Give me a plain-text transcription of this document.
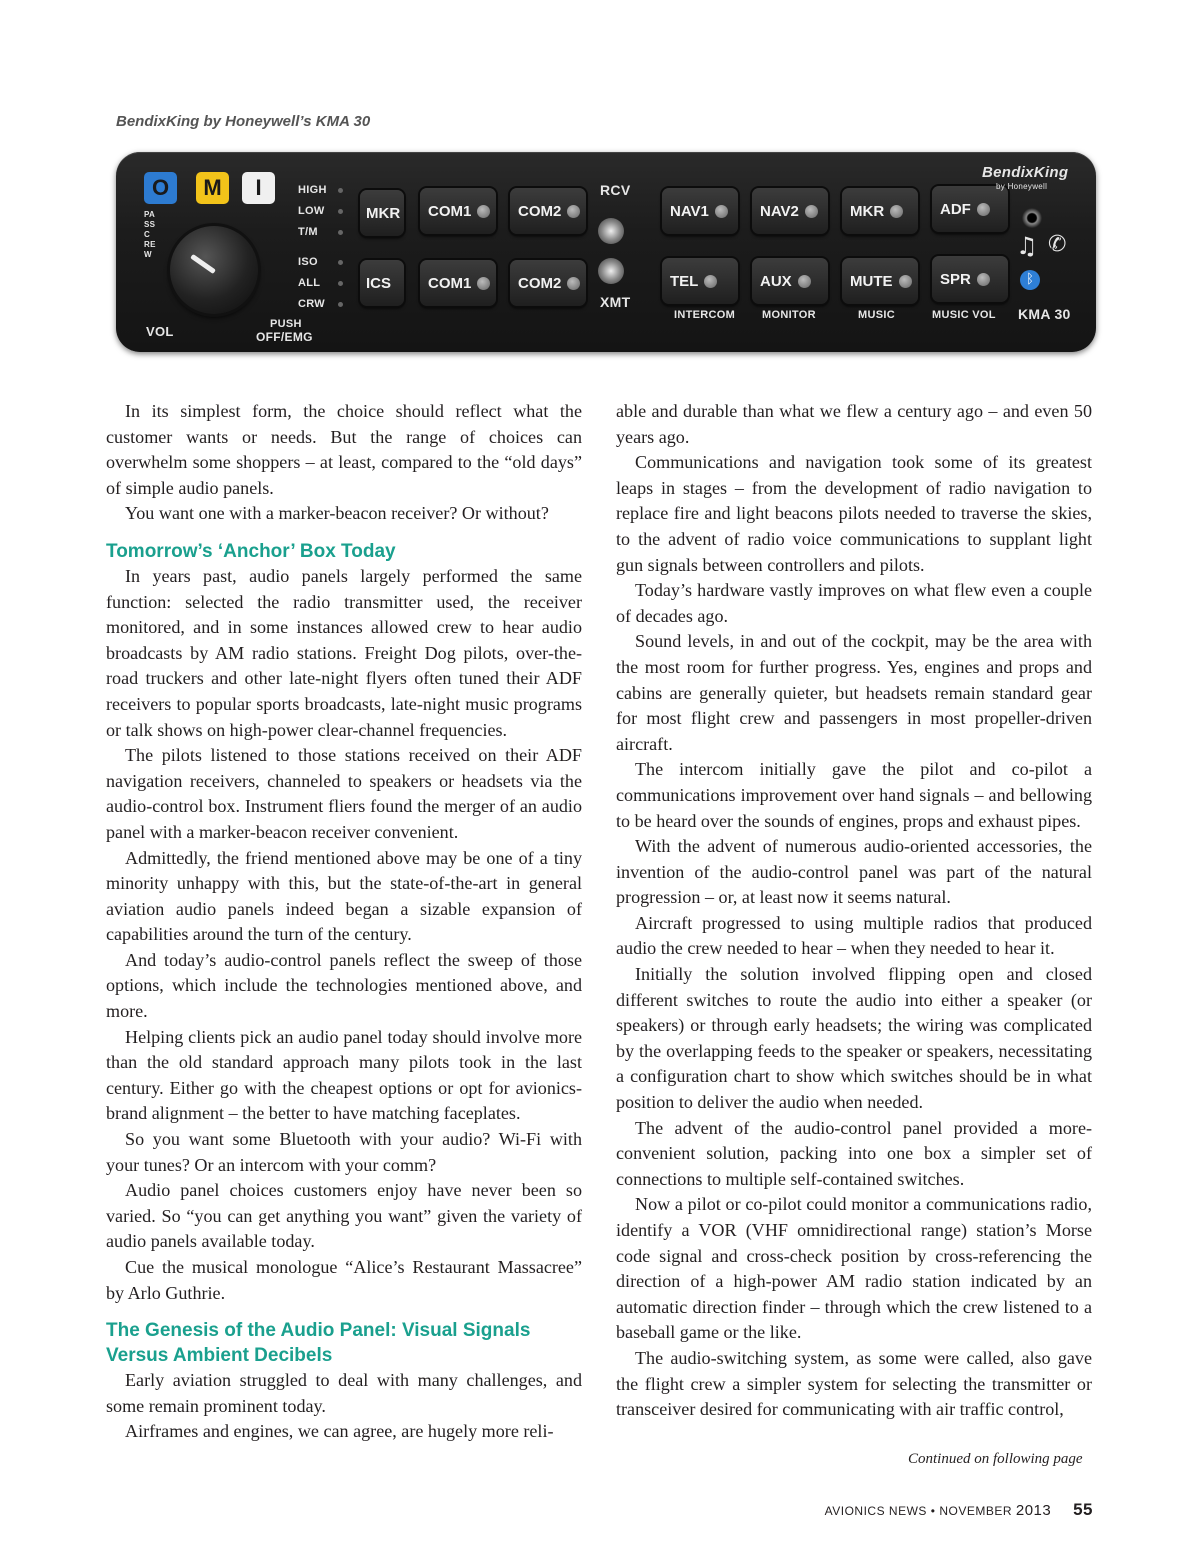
BendixKing by Honeywell’s KMA 30
O	M	I
PASS CREW
VOL	PUSH
OFF/EMG
HIGH
LOW
T/M
ISO
ALL
CRW
MKR COM1	COM2
ICS COM1	COM2
RCV
XMT
NAV1	NAV2	MKR	ADF
TEL	AUX	MUTE	SPR
INTERCOM MONITOR	MUSIC	MUSIC VOL
BendixKing
by Honeywell
♫ ✆
ᛒ
KMA 30

In its simplest form, the choice should reflect what the customer wants or needs. But the range of choices can overwhelm some shoppers – at least, compared to the “old days” of simple audio panels.

You want one with a marker-beacon receiver? Or without?

Tomorrow’s ‘Anchor’ Box Today

In years past, audio panels largely performed the same function: selected the radio transmitter used, the receiver monitored, and in some instances allowed crew to hear audio broadcasts by AM radio stations. Freight Dog pilots, over-the-road truckers and other late-night flyers often tuned their ADF receivers to popular sports broadcasts, late-night music programs or talk shows on high-power clear-channel frequencies.

The pilots listened to those stations received on their ADF navigation receivers, channeled to speakers or headsets via the audio-control box. Instrument fliers found the merger of an audio panel with a marker-beacon receiver convenient.

Admittedly, the friend mentioned above may be one of a tiny minority unhappy with this, but the state-of-the-art in general aviation audio panels indeed began a sizable expansion of capabilities around the turn of the century.

And today’s audio-control panels reflect the sweep of those options, which include the technologies mentioned above, and more.

Helping clients pick an audio panel today should involve more than the old standard approach many pilots took in the last century. Either go with the cheapest options or opt for avionics-brand alignment – the better to have matching faceplates.

So you want some Bluetooth with your audio? Wi-Fi with your tunes? Or an intercom with your comm?

Audio panel choices customers enjoy have never been so varied. So “you can get anything you want” given the variety of audio panels available today.

Cue the musical monologue “Alice’s Restaurant Massacree” by Arlo Guthrie.

The Genesis of the Audio Panel: Visual Signals Versus Ambient Decibels

Early aviation struggled to deal with many challenges, and some remain prominent today.

Airframes and engines, we can agree, are hugely more reli-

able and durable than what we flew a century ago – and even 50 years ago.

Communications and navigation took some of its greatest leaps in stages – from the development of radio navigation to replace fire and light beacons pilots needed to traverse the skies, to the advent of radio voice communications to supplant light gun signals between controllers and pilots.

Today’s hardware vastly improves on what flew even a couple of decades ago.

Sound levels, in and out of the cockpit, may be the area with the most room for further progress. Yes, engines and props and cabins are generally quieter, but headsets remain standard gear for most flight crew and passengers in most propeller-driven aircraft.

The intercom initially gave the pilot and co-pilot a communications improvement over hand signals – and bellowing to be heard over the sounds of engines, props and exhaust pipes.

With the advent of numerous audio-oriented accessories, the invention of the audio-control panel was part of the natural progression – or, at least now it seems natural.

Aircraft progressed to using multiple radios that produced audio the crew needed to hear – when they needed to hear it.

Initially the solution involved flipping open and closed different switches to route the audio into either a speaker (or speakers) or through early headsets; the wiring was complicated by the overlapping feeds to the speaker or speakers, necessitating a configuration chart to show which switches should be in what position to deliver the audio when needed.

The advent of the audio-control panel provided a more-convenient solution, packing into one box a simpler set of connections to multiple self-contained switches.

Now a pilot or co-pilot could monitor a communications radio, identify a VOR (VHF omnidirectional range) station’s Morse code signal and cross-check position by cross-referencing the direction of a high-power AM radio station indicated by an automatic direction finder – through which the crew listened to a baseball game or the like.

The audio-switching system, as some were called, also gave the flight crew a simpler system for selecting the transmitter or transceiver desired for communicating with air traffic control,

Continued on following page
AVIONICS NEWS • NOVEMBER 2013 55
